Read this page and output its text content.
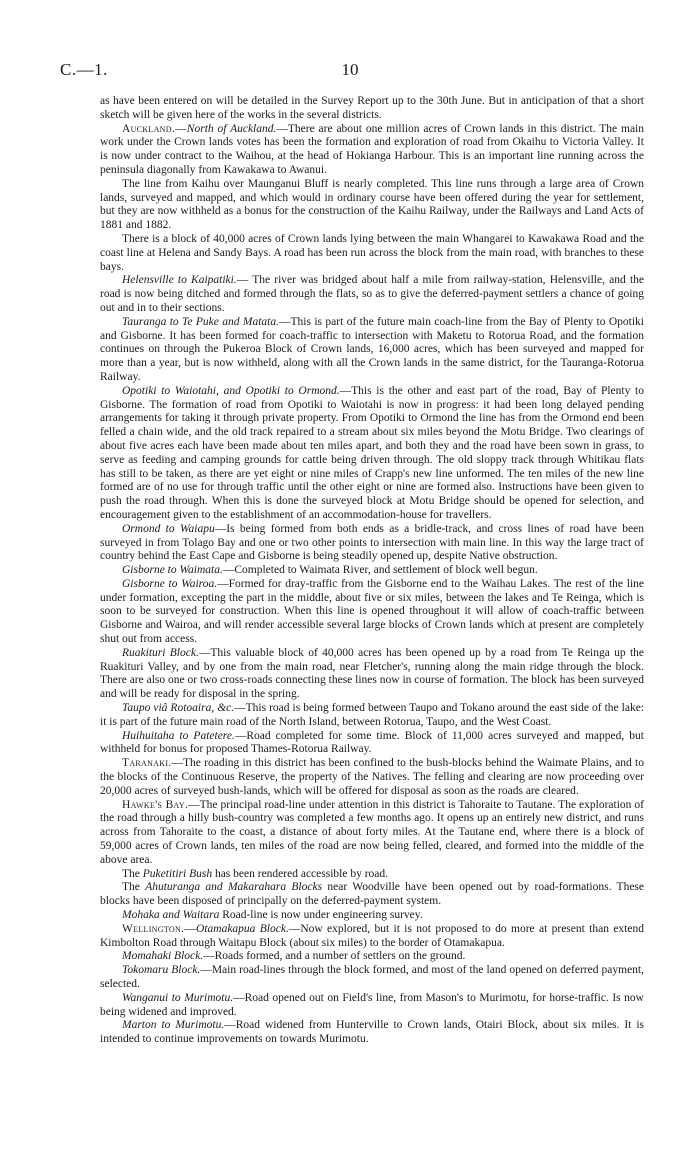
C.—1.	10

as have been entered on will be detailed in the Survey Report up to the 30th June. But in anticipation of that a short sketch will be given here of the works in the several districts.

Auckland.—North of Auckland.—There are about one million acres of Crown lands in this district. The main work under the Crown lands votes has been the formation and exploration of road from Okaihu to Victoria Valley. It is now under contract to the Waihou, at the head of Hokianga Harbour. This is an important line running across the peninsula diagonally from Kawakawa to Awanui.

The line from Kaihu over Maunganui Bluff is nearly completed. This line runs through a large area of Crown lands, surveyed and mapped, and which would in ordinary course have been offered during the year for settlement, but they are now withheld as a bonus for the construction of the Kaihu Railway, under the Railways and Land Acts of 1881 and 1882.

There is a block of 40,000 acres of Crown lands lying between the main Whangarei to Kawakawa Road and the coast line at Helena and Sandy Bays. A road has been run across the block from the main road, with branches to these bays.

Helensville to Kaipatiki.— The river was bridged about half a mile from railway-station, Helensville, and the road is now being ditched and formed through the flats, so as to give the deferred-payment settlers a chance of going out and in to their sections.

Tauranga to Te Puke and Matata.—This is part of the future main coach-line from the Bay of Plenty to Opotiki and Gisborne. It has been formed for coach-traffic to intersection with Maketu to Rotorua Road, and the formation continues on through the Pukeroa Block of Crown lands, 16,000 acres, which has been surveyed and mapped for more than a year, but is now withheld, along with all the Crown lands in the same district, for the Tauranga-Rotorua Railway.

Opotiki to Waiotahi, and Opotiki to Ormond.—This is the other and east part of the road, Bay of Plenty to Gisborne. The formation of road from Opotiki to Waiotahi is now in progress: it had been long delayed pending arrangements for taking it through private property. From Opotiki to Ormond the line has from the Ormond end been felled a chain wide, and the old track repaired to a stream about six miles beyond the Motu Bridge. Two clearings of about five acres each have been made about ten miles apart, and both they and the road have been sown in grass, to serve as feeding and camping grounds for cattle being driven through. The old sloppy track through Whitikau flats has still to be taken, as there are yet eight or nine miles of Crapp's new line unformed. The ten miles of the new line formed are of no use for through traffic until the other eight or nine are formed also. Instructions have been given to push the road through. When this is done the surveyed block at Motu Bridge should be opened for selection, and encouragement given to the establishment of an accommodation-house for travellers.

Ormond to Waiapu—Is being formed from both ends as a bridle-track, and cross lines of road have been surveyed in from Tolago Bay and one or two other points to intersection with main line. In this way the large tract of country behind the East Cape and Gisborne is being steadily opened up, despite Native obstruction.

Gisborne to Waimata.—Completed to Waimata River, and settlement of block well begun.

Gisborne to Wairoa.—Formed for dray-traffic from the Gisborne end to the Waihau Lakes. The rest of the line under formation, excepting the part in the middle, about five or six miles, between the lakes and Te Reinga, which is soon to be surveyed for construction. When this line is opened throughout it will allow of coach-traffic between Gisborne and Wairoa, and will render accessible several large blocks of Crown lands which at present are completely shut out from access.

Ruakituri Block.—This valuable block of 40,000 acres has been opened up by a road from Te Reinga up the Ruakituri Valley, and by one from the main road, near Fletcher's, running along the main ridge through the block. There are also one or two cross-roads connecting these lines now in course of formation. The block has been surveyed and will be ready for disposal in the spring.

Taupo viâ Rotoaira, &c.—This road is being formed between Taupo and Tokano around the east side of the lake: it is part of the future main road of the North Island, between Rotorua, Taupo, and the West Coast.

Huihuitaha to Patetere.—Road completed for some time. Block of 11,000 acres surveyed and mapped, but withheld for bonus for proposed Thames-Rotorua Railway.

Taranaki.—The roading in this district has been confined to the bush-blocks behind the Waimate Plains, and to the blocks of the Continuous Reserve, the property of the Natives. The felling and clearing are now proceeding over 20,000 acres of surveyed bush-lands, which will be offered for disposal as soon as the roads are cleared.

Hawke's Bay.—The principal road-line under attention in this district is Tahoraite to Tautane. The exploration of the road through a hilly bush-country was completed a few months ago. It opens up an entirely new district, and runs across from Tahoraite to the coast, a distance of about forty miles. At the Tautane end, where there is a block of 59,000 acres of Crown lands, ten miles of the road are now being felled, cleared, and formed into the middle of the above area.

The Puketitiri Bush has been rendered accessible by road.

The Ahuturanga and Makarahara Blocks near Woodville have been opened out by road-formations. These blocks have been disposed of principally on the deferred-payment system.

Mohaka and Waitara Road-line is now under engineering survey.

Wellington.—Otamakapua Block.—Now explored, but it is not proposed to do more at present than extend Kimbolton Road through Waitapu Block (about six miles) to the border of Otamakapua.

Momahaki Block.—Roads formed, and a number of settlers on the ground.

Tokomaru Block.—Main road-lines through the block formed, and most of the land opened on deferred payment, selected.

Wanganui to Murimotu.—Road opened out on Field's line, from Mason's to Murimotu, for horse-traffic. Is now being widened and improved.

Marton to Murimotu.—Road widened from Hunterville to Crown lands, Otairi Block, about six miles. It is intended to continue improvements on towards Murimotu.
